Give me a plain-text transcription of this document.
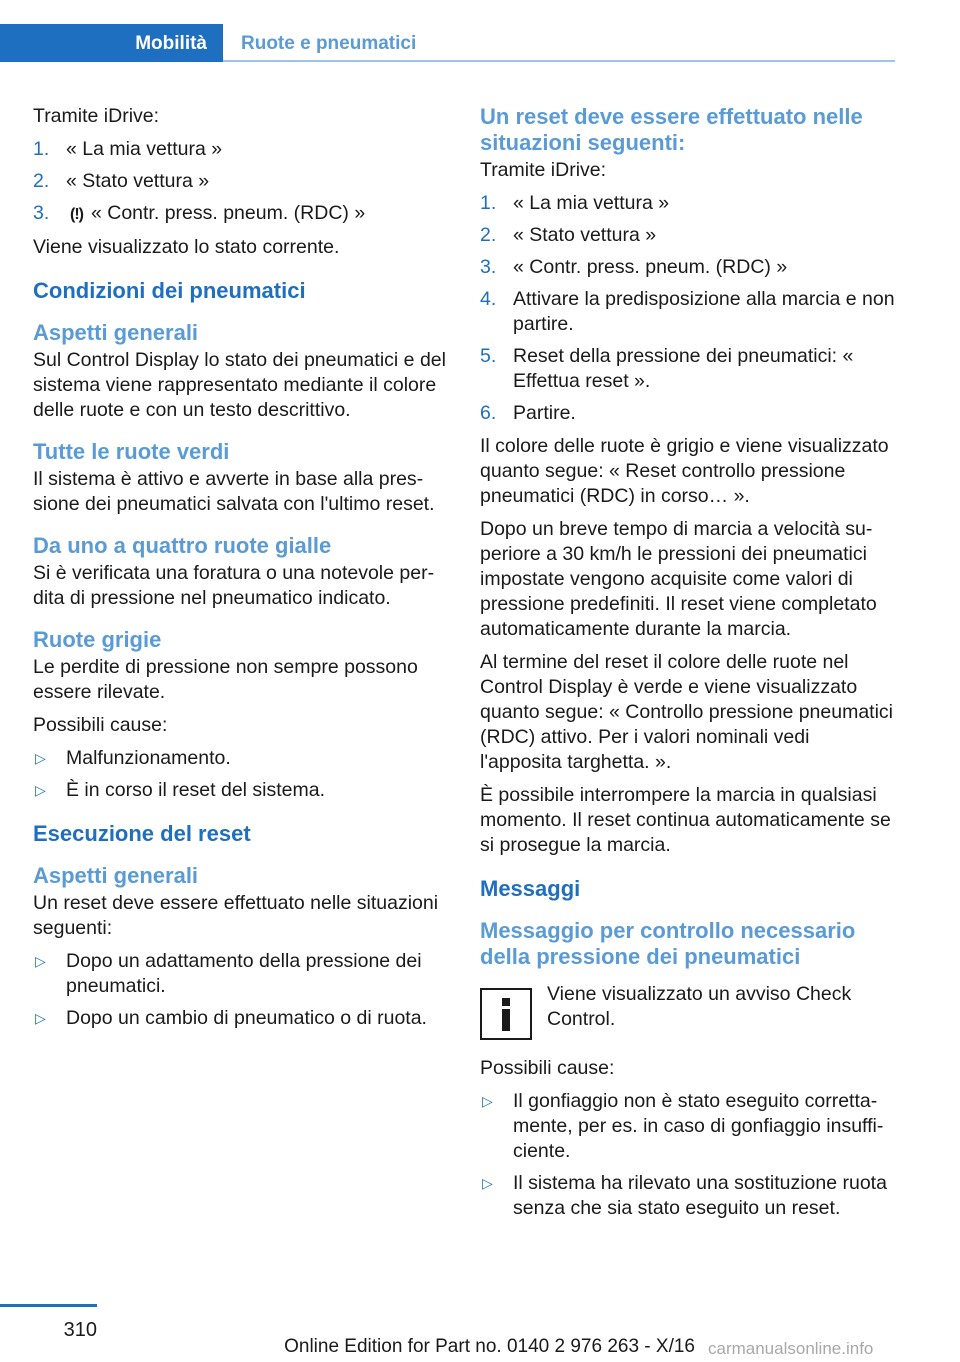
Mobilità	Ruote e pneumatici

Tramite iDrive:

1. « La mia vettura »
2. « Stato vettura »
3. (!) « Contr. press. pneum. (RDC) »

Viene visualizzato lo stato corrente.

Condizioni dei pneumatici
Aspetti generali

Sul Control Display lo stato dei pneumatici e del sistema viene rappresentato mediante il colore delle ruote e con un testo descrittivo.

Tutte le ruote verdi

Il sistema è attivo e avverte in base alla pres-sione dei pneumatici salvata con l'ultimo reset.

Da uno a quattro ruote gialle

Si è verificata una foratura o una notevole per-dita di pressione nel pneumatico indicato.

Ruote grigie

Le perdite di pressione non sempre possono essere rilevate.

Possibili cause:

▷ Malfunzionamento.
▷ È in corso il reset del sistema.
Esecuzione del reset
Aspetti generali

Un reset deve essere effettuato nelle situazioni seguenti:

▷ Dopo un adattamento della pressione dei pneumatici.
▷ Dopo un cambio di pneumatico o di ruota.
Un reset deve essere effettuato nelle situazioni seguenti:

Tramite iDrive:

1. « La mia vettura »
2. « Stato vettura »
3. « Contr. press. pneum. (RDC) »
4. Attivare la predisposizione alla marcia e non partire.
5. Reset della pressione dei pneumatici: « Effettua reset ».
6. Partire.

Il colore delle ruote è grigio e viene visualizzato quanto segue: « Reset controllo pressione pneumatici (RDC) in corso… ».

Dopo un breve tempo di marcia a velocità su-periore a 30 km/h le pressioni dei pneumatici impostate vengono acquisite come valori di pressione predefiniti. Il reset viene completato automaticamente durante la marcia.

Al termine del reset il colore delle ruote nel Control Display è verde e viene visualizzato quanto segue: « Controllo pressione pneumatici (RDC) attivo. Per i valori nominali vedi l'apposita targhetta. ».

È possibile interrompere la marcia in qualsiasi momento. Il reset continua automaticamente se si prosegue la marcia.

Messaggi
Messaggio per controllo necessario della pressione dei pneumatici
Viene visualizzato un avviso Check Control.

Possibili cause:

▷ Il gonfiaggio non è stato eseguito corretta-mente, per es. in caso di gonfiaggio insuffi-ciente.
▷ Il sistema ha rilevato una sostituzione ruota senza che sia stato eseguito un reset.
310
Online Edition for Part no. 0140 2 976 263 - X/16 carmanualsonline.info
